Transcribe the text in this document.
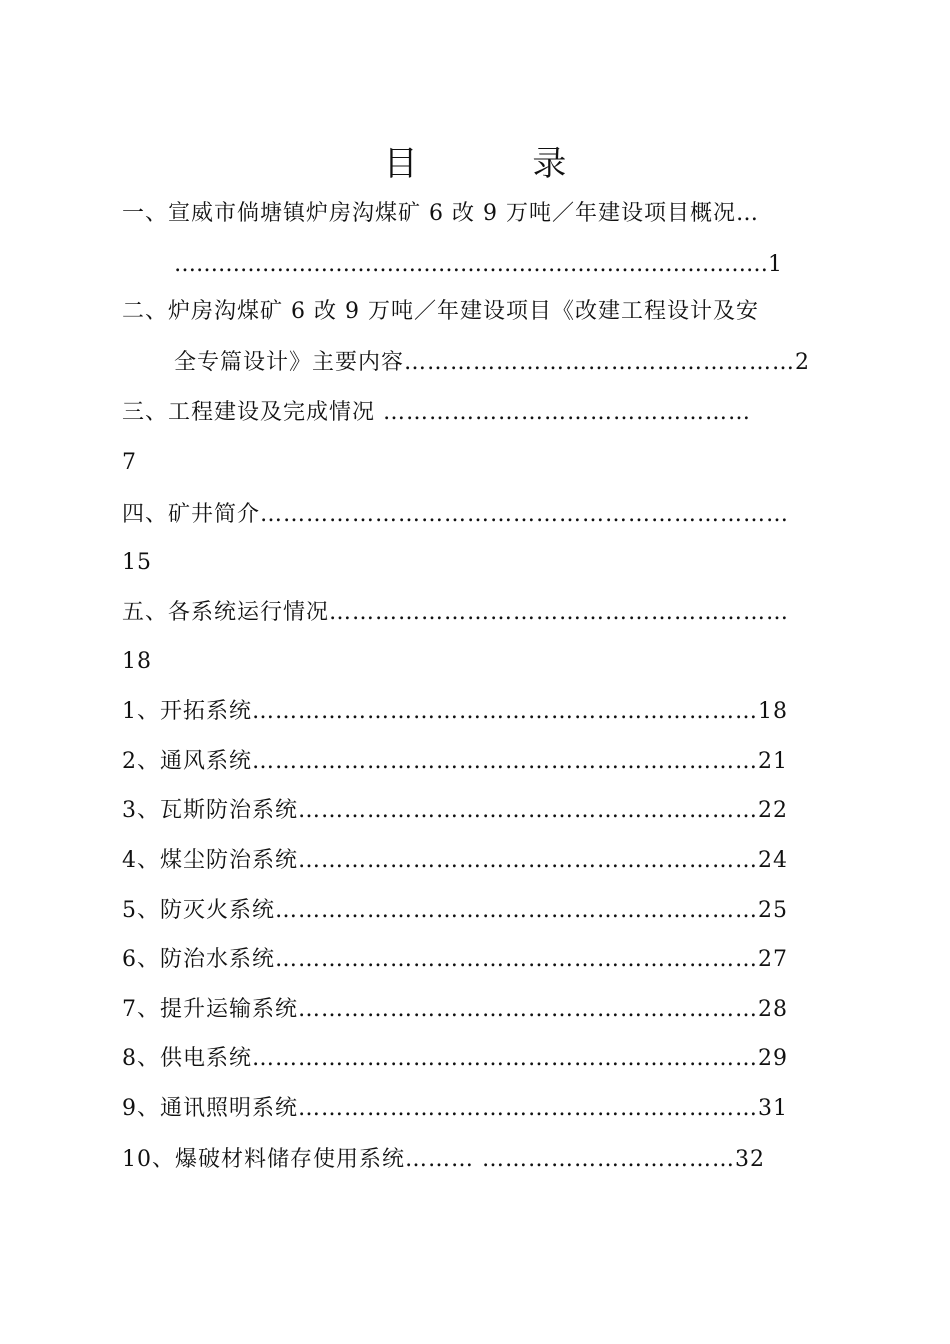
目 录
一、宣威市倘塘镇炉房沟煤矿 6 改 9 万吨／年建设项目概况…
………………………………………………………………………1
二、炉房沟煤矿 6 改 9 万吨／年建设项目《改建工程设计及安
全专篇设计》主要内容……………………………………………2
三、工程建设及完成情况 …………………………………………
7
四、矿井简介……………………………………………………………
15
五、各系统运行情况……………………………………………………
18
1、开拓系统…………………………………………………………18
2、通风系统…………………………………………………………21
3、瓦斯防治系统……………………………………………………22
4、煤尘防治系统……………………………………………………24
5、防灭火系统………………………………………………………25
6、防治水系统………………………………………………………27
7、提升运输系统……………………………………………………28
8、供电系统…………………………………………………………29
9、通讯照明系统……………………………………………………31
10、爆破材料储存使用系统……… ……………………………32
